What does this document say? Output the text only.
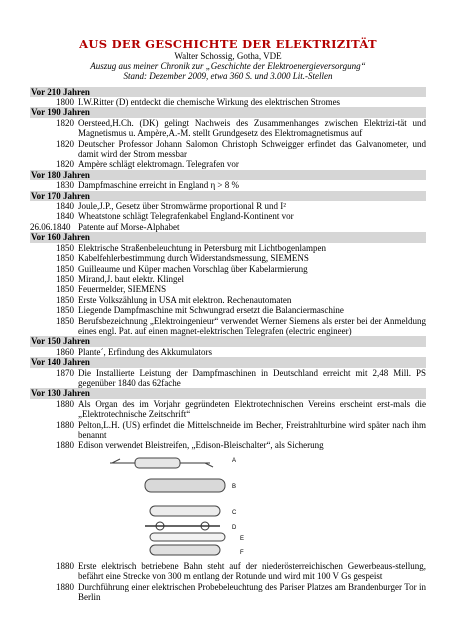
AUS DER GESCHICHTE DER ELEKTRIZITÄT
Walter Schossig, Gotha, VDE
Auszug aus meiner Chronik zur „Geschichte der Elektroenergieversorgung“
Stand: Dezember 2009, etwa 360 S. und 3.000 Lit.-Stellen
Vor 210 Jahren
1800 I.W.Ritter (D) entdeckt die chemische Wirkung des elektrischen Stromes
Vor 190 Jahren
1820 Oersteed,H.Ch. (DK) gelingt Nachweis des Zusammenhanges zwischen Elektrizi-tät und Magnetismus u. Ampère,A.-M. stellt Grundgesetz des Elektromagnetismus auf
1820 Deutscher Professor Johann Salomon Christoph Schweigger erfindet das Galvanometer, und damit wird der Strom messbar
1820 Ampère schlägt elektromagn. Telegrafen vor
Vor 180 Jahren
1830 Dampfmaschine erreicht in England η > 8 %
Vor 170 Jahren
1840 Joule,J.P., Gesetz über Stromwärme proportional R und I²
1840 Wheatstone schlägt Telegrafenkabel England-Kontinent vor
26.06.1840 Patente auf Morse-Alphabet
Vor 160 Jahren
1850 Elektrische Straßenbeleuchtung in Petersburg mit Lichtbogenlampen
1850 Kabelfehlerbestimmung durch Widerstandsmessung, SIEMENS
1850 Guilleaume und Küper machen Vorschlag über Kabelarmierung
1850 Mirand,J. baut elektr. Klingel
1850 Feuermelder, SIEMENS
1850 Erste Volkszählung in USA mit elektron. Rechenautomaten
1850 Liegende Dampfmaschine mit Schwungrad ersetzt die Balanciermaschine
1850 Berufsbezeichnung „Elektroingenieur“ verwendet Werner Siemens als erster bei der Anmeldung eines engl. Pat. auf einen magnet-elektrischen Telegrafen (electric engineer)
Vor 150 Jahren
1860 Plante´, Erfindung des Akkumulators
Vor 140 Jahren
1870 Die Installierte Leistung der Dampfmaschinen in Deutschland erreicht mit 2,48 Mill. PS gegenüber 1840 das 62fache
Vor 130 Jahren
1880 Als Organ des im Vorjahr gegründeten Elektrotechnischen Vereins erscheint erst-mals die „Elektrotechnische Zeitschrift“
1880 Pelton,L.H. (US) erfindet die Mittelschneide im Becher, Freistrahlturbine wird später nach ihm benannt
1880 Edison verwendet Bleistreifen, „Edison-Bleischalter“, als Sicherung
A
B
C
D
E
F
1880 Erste elektrisch betriebene Bahn steht auf der niederösterreichischen Gewerbeaus-stellung, befährt eine Strecke von 300 m entlang der Rotunde und wird mit 100 V Gs gespeist
1880 Durchführung einer elektrischen Probebeleuchtung des Pariser Platzes am Brandenburger Tor in Berlin
